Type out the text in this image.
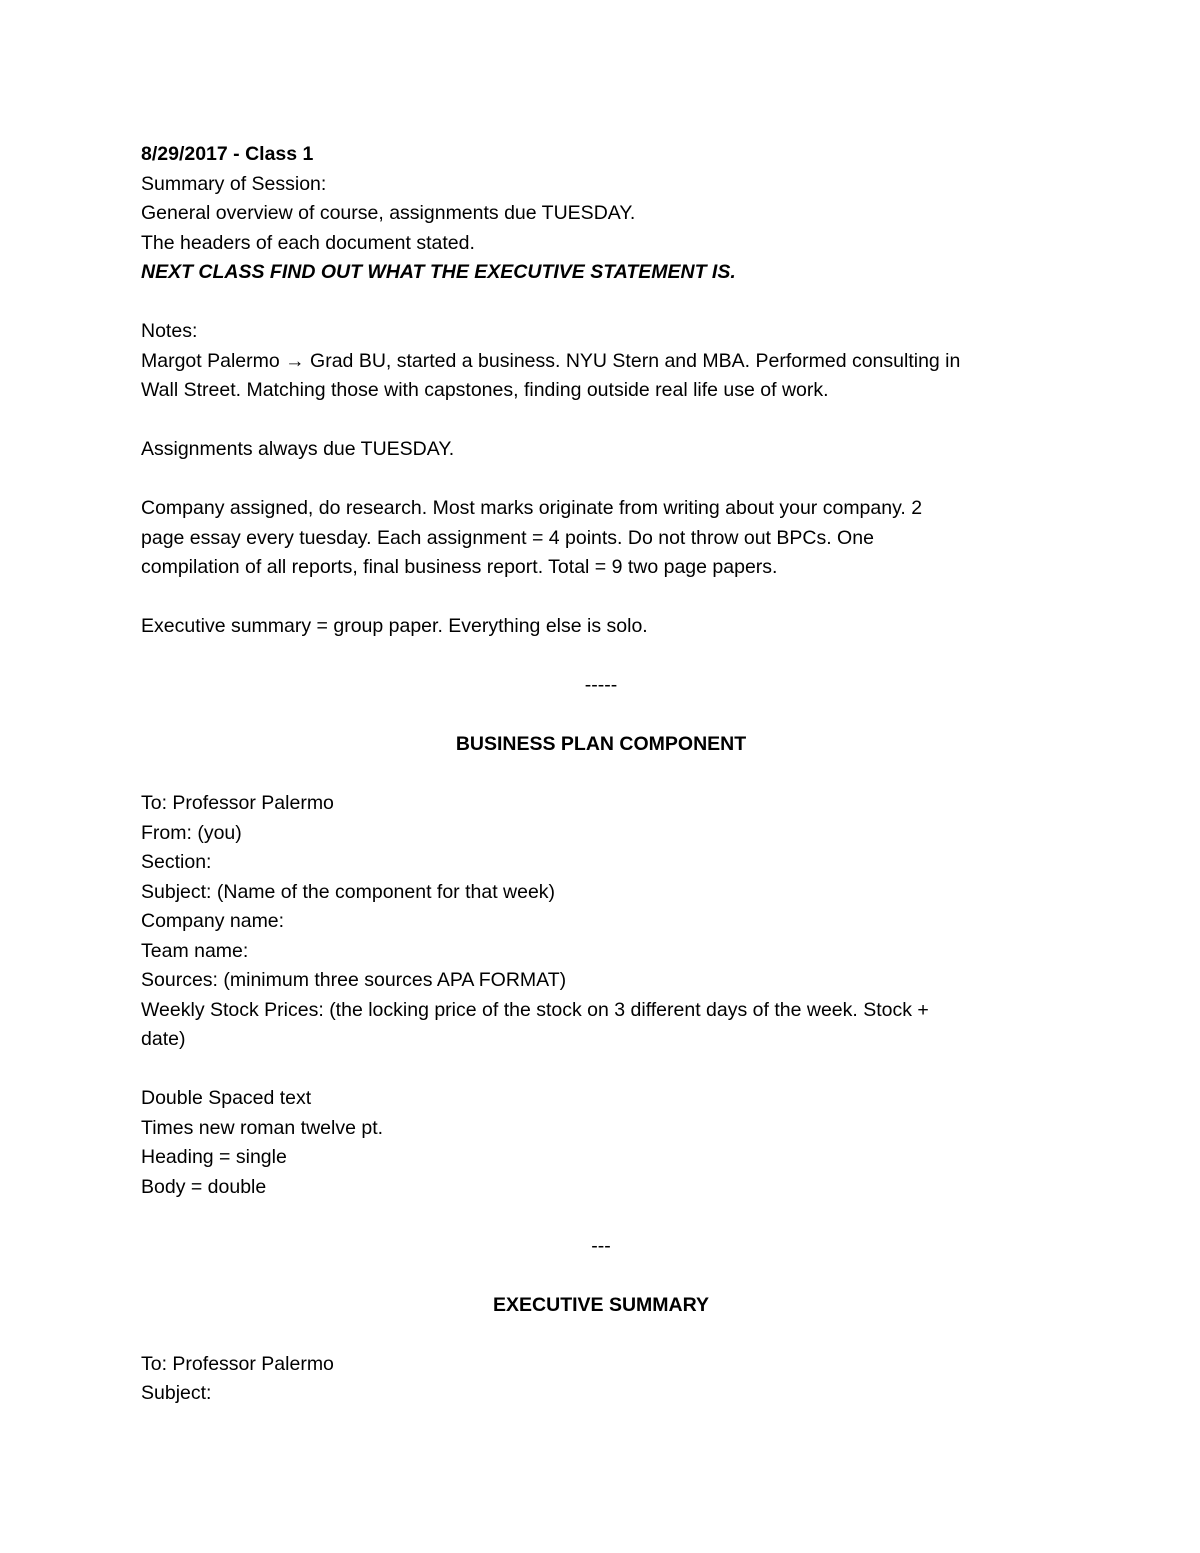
8/29/2017 - Class 1
Summary of Session:
General overview of course, assignments due TUESDAY.
The headers of each document stated.
NEXT CLASS FIND OUT WHAT THE EXECUTIVE STATEMENT IS.
Notes:
Margot Palermo → Grad BU, started a business. NYU Stern and MBA. Performed consulting in
Wall Street. Matching those with capstones, finding outside real life use of work.
Assignments always due TUESDAY.
Company assigned, do research. Most marks originate from writing about your company. 2
page essay every tuesday. Each assignment = 4 points. Do not throw out BPCs. One
compilation of all reports, final business report. Total = 9 two page papers.
Executive summary = group paper. Everything else is solo.
-----
BUSINESS PLAN COMPONENT
To: Professor Palermo
From: (you)
Section:
Subject: (Name of the component for that week)
Company name:
Team name:
Sources: (minimum three sources APA FORMAT)
Weekly Stock Prices: (the locking price of the stock on 3 different days of the week. Stock +
date)
Double Spaced text
Times new roman twelve pt.
Heading = single
Body = double
---
EXECUTIVE SUMMARY
To: Professor Palermo
Subject:
